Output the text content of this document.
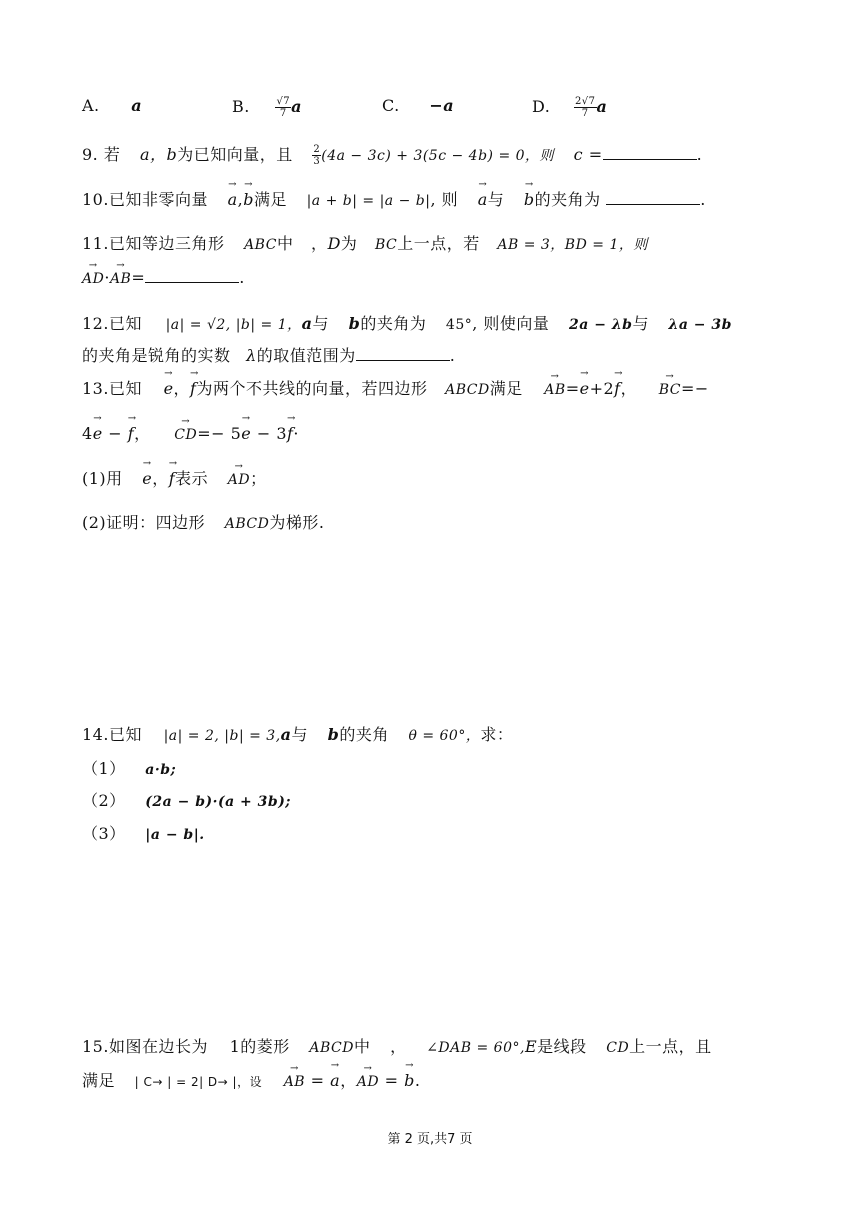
A. a	B.	$\frac{√7}{7}$ a	C. −a	D. $\frac{2√7}{7}$ a
9. 若 a，b为已知向量，且 $\frac{2}{3} (4a - 3c) + 3(5c - 4b) = 0$，则 c =	.
10.已知非零向量 → a,→ b满足 |a + b| = |a − b|, 则 → a与 → b的夹角为	.
11.已知等边三角形 ABC中 ，D为 BC上一点，若 AB = 3，BD = 1，则
→ AD·→ AB=	.
12.已知 |a| = √2, |b| = 1，a与 b的夹角为 45°, 则使向量 2a − λb与 λa − 3b
的夹角是锐角的实数 λ的取值范围为	.
13.已知 → e，→ f为两个不共线的向量，若四边形 ABCD满足 → AB=→ e+2→ f， → BC=−
4→ e − → f， → CD=− 5→ e − 3→ f·
(1)用 → e，→ f表示 → AD；
(2)证明：四边形 ABCD为梯形.
14.已知 |a| = 2, |b| = 3,a与 b的夹角 θ = 60°，求：
（1） a·b;
（2） (2a − b)·(a + 3b);
（3） |a − b|.
15.如图在边长为 1的菱形 ABCD中 ， ∠DAB = 60°,E是线段 CD上一点，且
满足 | C→ | = 2| D→ |，设 → AB = → a，→ AD = → b.
第 2 页,共7 页
